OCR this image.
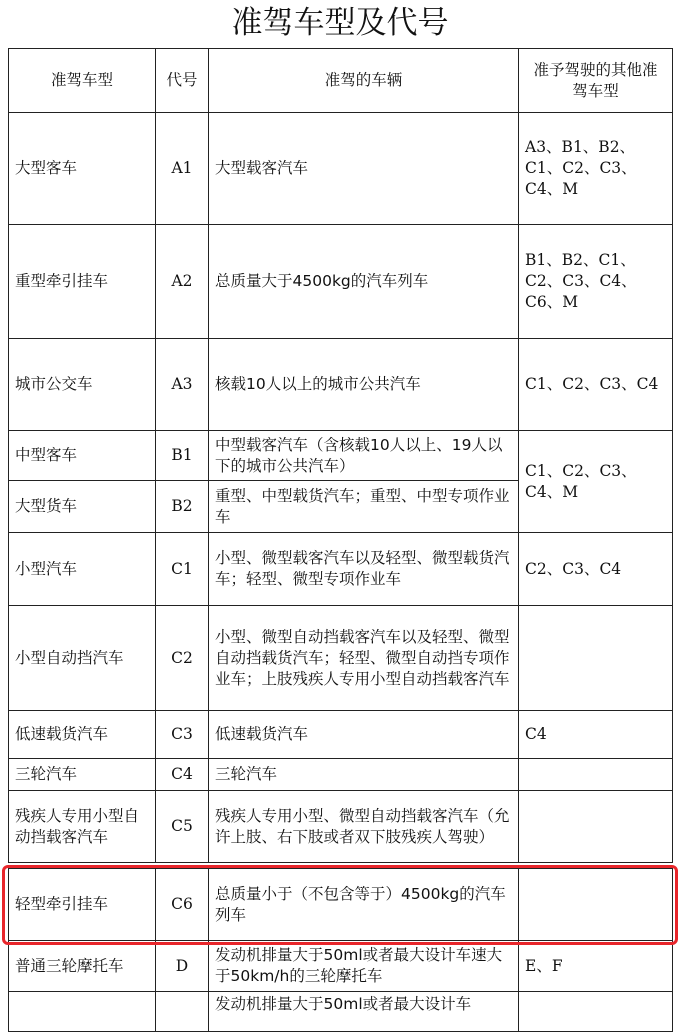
准驾车型及代号
准驾车型	代号	准驾的车辆	准予驾驶的其他准驾车型
大型客车	A1	大型载客汽车	A3、B1、B2、C1、C2、C3、C4、M
重型牵引挂车	A2	总质量大于4500kg的汽车列车	B1、B2、C1、C2、C3、C4、C6、M
城市公交车	A3	核载10人以上的城市公共汽车	C1、C2、C3、C4
中型客车	B1	中型载客汽车（含核载10人以上、19人以下的城市公共汽车）	C1、C2、C3、C4、M
大型货车	B2	重型、中型载货汽车；重型、中型专项作业车	
小型汽车	C1	小型、微型载客汽车以及轻型、微型载货汽车；轻型、微型专项作业车	C2、C3、C4
小型自动挡汽车	C2	小型、微型自动挡载客汽车以及轻型、微型自动挡载货汽车；轻型、微型自动挡专项作业车；上肢残疾人专用小型自动挡载客汽车	
低速载货汽车	C3	低速载货汽车	C4
三轮汽车	C4	三轮汽车	
残疾人专用小型自动挡载客汽车	C5	残疾人专用小型、微型自动挡载客汽车（允许上肢、右下肢或者双下肢残疾人驾驶）	
轻型牵引挂车	C6	总质量小于（不包含等于）4500kg的汽车列车	
普通三轮摩托车	D	发动机排量大于50ml或者最大设计车速大于50km/h的三轮摩托车	E、F
		发动机排量大于50ml或者最大设计车	
